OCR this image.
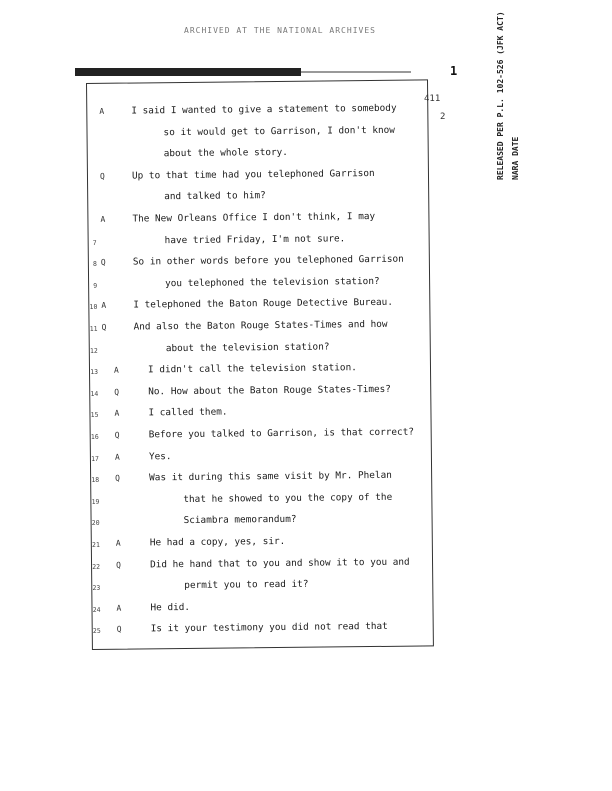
ARCHIVED AT THE NATIONAL ARCHIVES
1
411
2	RELEASED PER P.L. 102-526 (JFK ACT) NARA DATE
A	I said I wanted to give a statement to somebody
so it would get to Garrison, I don't know
about the whole story.
Q	Up to that time had you telephoned Garrison
and talked to him?
A	The New Orleans Office I don't think, I may
7	have tried Friday, I'm not sure.
8 Q	So in other words before you telephoned Garrison
9	you telephoned the television station?
10 A	I telephoned the Baton Rouge Detective Bureau.
11 Q	And also the Baton Rouge States-Times and how
12	about the television station?
13 A	I didn't call the television station.
14 Q	No. How about the Baton Rouge States-Times?
15 A	I called them.
16 Q	Before you talked to Garrison, is that correct?
17 A	Yes.
18 Q	Was it during this same visit by Mr. Phelan
19	that he showed to you the copy of the
20	Sciambra memorandum?
21 A	He had a copy, yes, sir.
22 Q	Did he hand that to you and show it to you and
23	permit you to read it?
24 A	He did.
25 Q	Is it your testimony you did not read that
